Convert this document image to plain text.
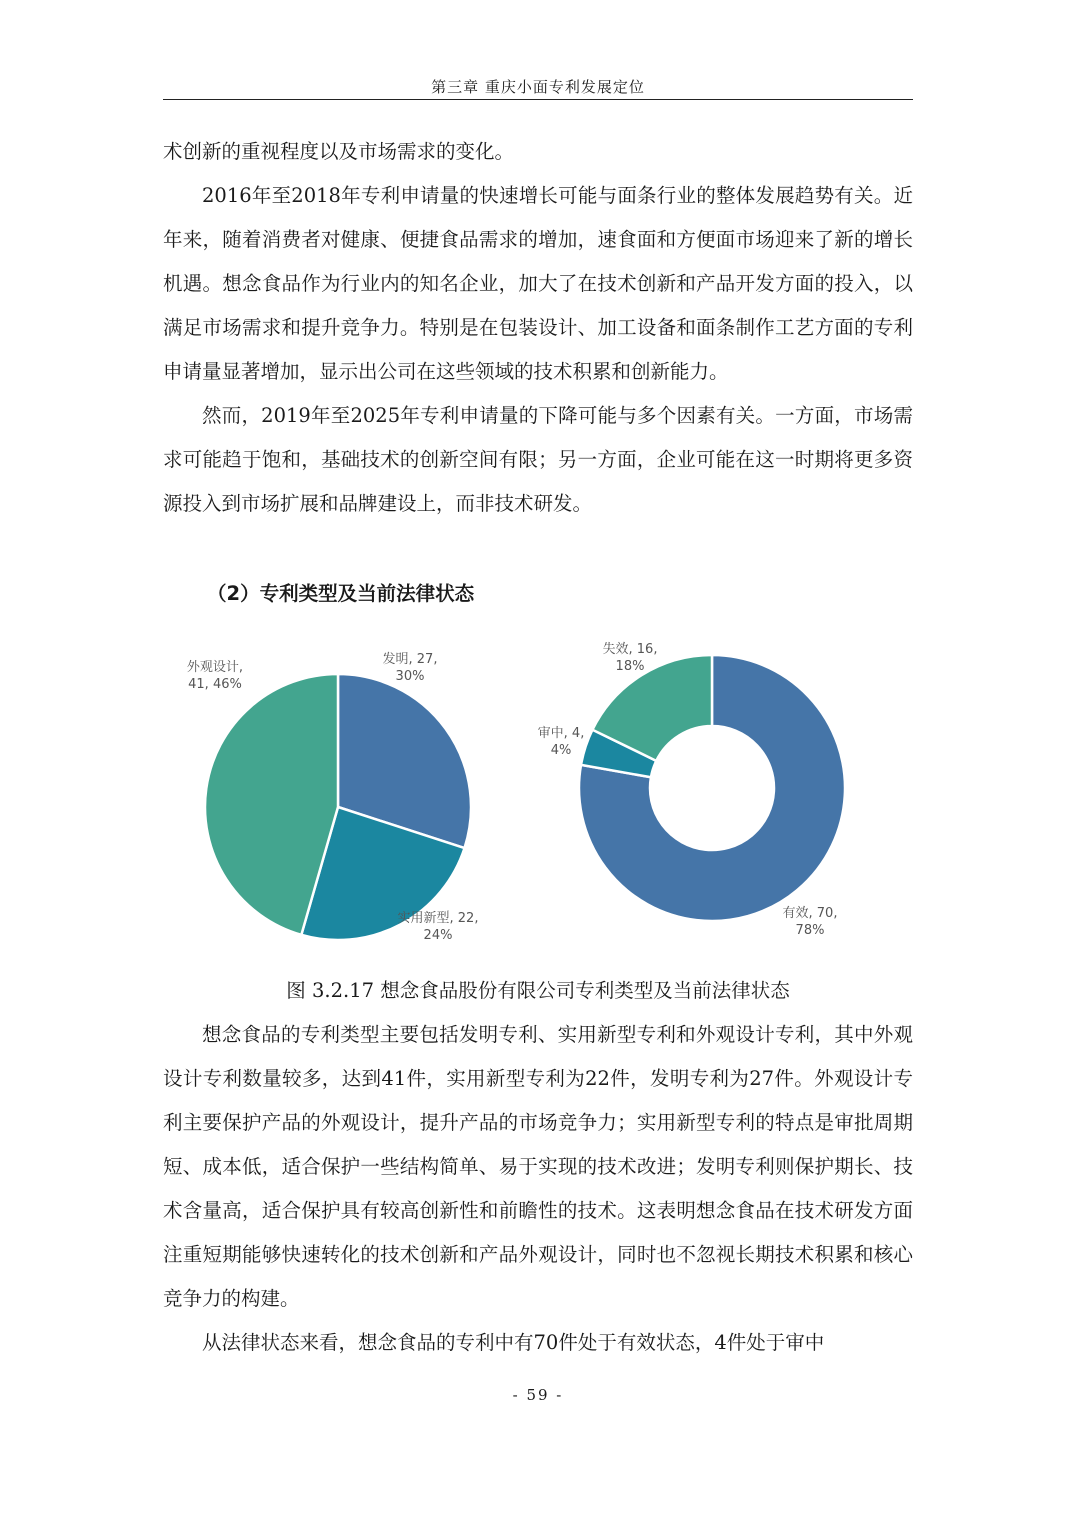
第三章 重庆小面专利发展定位

术创新的重视程度以及市场需求的变化。

2016年至2018年专利申请量的快速增长可能与面条行业的整体发展趋势有关。近年来，随着消费者对健康、便捷食品需求的增加，速食面和方便面市场迎来了新的增长机遇。想念食品作为行业内的知名企业，加大了在技术创新和产品开发方面的投入，以满足市场需求和提升竞争力。特别是在包装设计、加工设备和面条制作工艺方面的专利申请量显著增加，显示出公司在这些领域的技术积累和创新能力。

然而，2019年至2025年专利申请量的下降可能与多个因素有关。一方面，市场需求可能趋于饱和，基础技术的创新空间有限；另一方面，企业可能在这一时期将更多资源投入到市场扩展和品牌建设上，而非技术研发。

（2）专利类型及当前法律状态
发明, 27, 30%
实用新型, 22, 24%
外观设计, 41, 46%
有效, 70, 78%
审中, 4, 4%
失效, 16, 18%
图 3.2.17 想念食品股份有限公司专利类型及当前法律状态

想念食品的专利类型主要包括发明专利、实用新型专利和外观设计专利，其中外观设计专利数量较多，达到41件，实用新型专利为22件，发明专利为27件。外观设计专利主要保护产品的外观设计，提升产品的市场竞争力；实用新型专利的特点是审批周期短、成本低，适合保护一些结构简单、易于实现的技术改进；发明专利则保护期长、技术含量高，适合保护具有较高创新性和前瞻性的技术。这表明想念食品在技术研发方面注重短期能够快速转化的技术创新和产品外观设计，同时也不忽视长期技术积累和核心竞争力的构建。

从法律状态来看，想念食品的专利中有70件处于有效状态，4件处于审中

- 59 -
